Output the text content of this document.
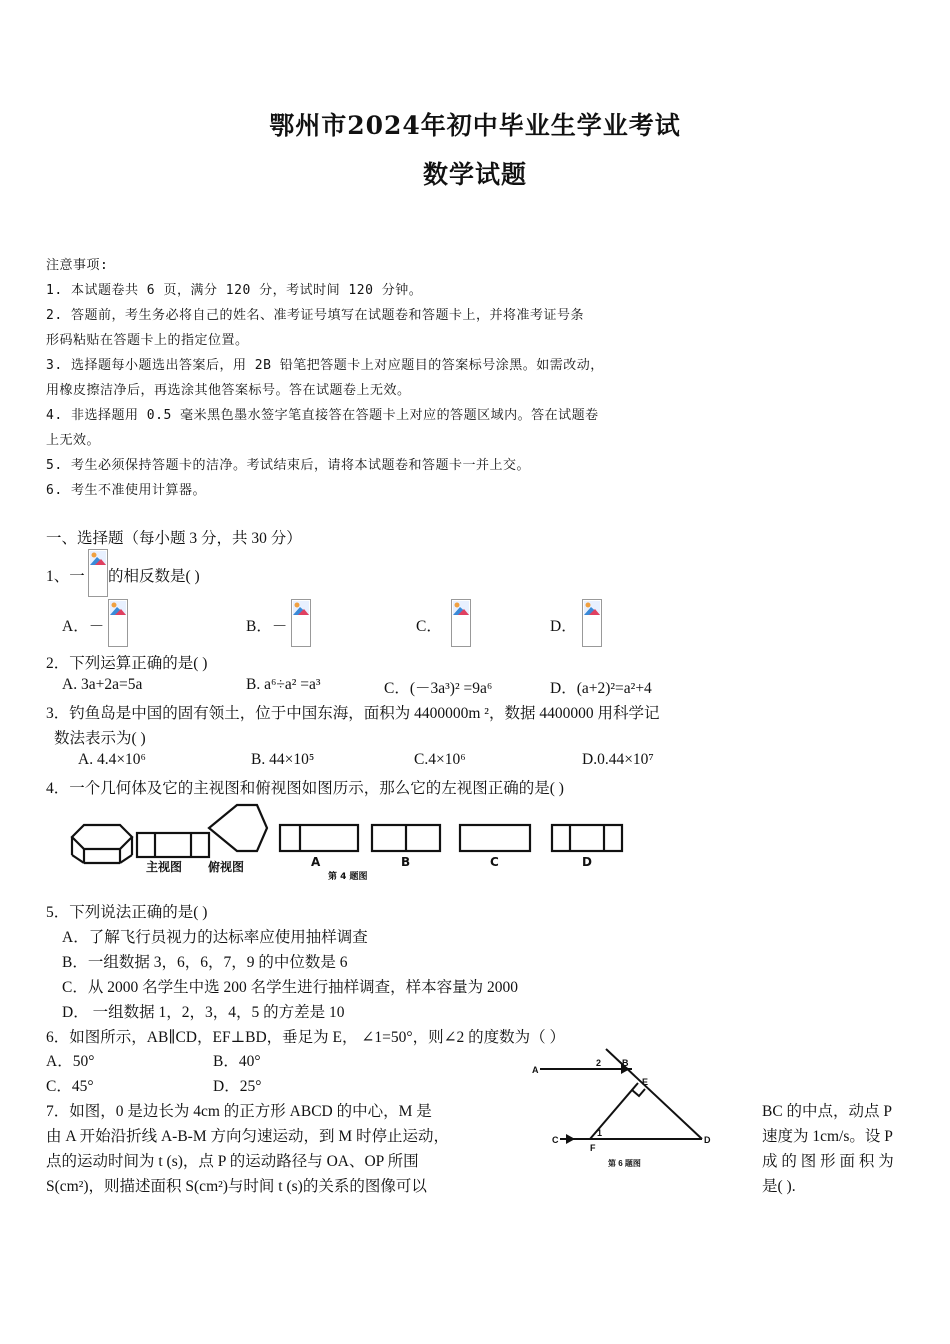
鄂州市2024年初中毕业生学业考试
数学试题
注意事项:
1. 本试题卷共 6 页，满分 120 分，考试时间 120 分钟。
2. 答题前，考生务必将自己的姓名、准考证号填写在试题卷和答题卡上，并将准考证号条
形码粘贴在答题卡上的指定位置。
3. 选择题每小题选出答案后，用 2B 铅笔把答题卡上对应题目的答案标号涂黑。如需改动，
用橡皮擦洁净后，再选涂其他答案标号。答在试题卷上无效。
4. 非选择题用 0.5 毫米黑色墨水签字笔直接答在答题卡上对应的答题区域内。答在试题卷
上无效。
5. 考生必须保持答题卡的洁净。考试结束后，请将本试题卷和答题卡一并上交。
6. 考生不准使用计算器。
一、选择题（每小题 3 分，共 30 分）
1、一 的相反数是( )
A．－	B．－	C．	D．
2．下列运算正确的是( )
A. 3a+2a=5a	B. a⁶÷a² =a³	C．(－3a³)² =9a⁶	D．(a+2)²=a²+4
3．钓鱼岛是中国的固有领土，位于中国东海，面积为 4400000m ²，数据 4400000 用科学记
数法表示为( )
A. 4.4×10⁶	B. 44×10⁵	C.4×10⁶	D.0.44×10⁷
4．一个几何体及它的主视图和俯视图如图历示，那么它的左视图正确的是( )
主视图 俯视图	A	B	C	D
第 4 题图
5．下列说法正确的是( )
A．了解飞行员视力的达标率应使用抽样调查
B．一组数据 3，6，6，7，9 的中位数是 6
C．从 2000 名学生中选 200 名学生进行抽样调查，样本容量为 2000
D． 一组数据 1，2，3，4，5 的方差是 10
6．如图所示，AB∥CD，EF⊥BD，垂足为 E， ∠1=50°，则∠2 的度数为（ ）
A．50°	B．40°
C．45°	D．25°
A
B
2
E
C
F
1
D
第 6 题图
7．如图，0 是边长为 4cm 的正方形 ABCD 的中心，M 是	BC 的中点，动点 P
由 A 开始沿折线 A-B-M 方向匀速运动，到 M 时停止运动，	速度为 1cm/s。设 P
点的运动时间为 t (s)，点 P 的运动路径与 OA、OP 所围	成 的 图 形 面 积 为
S(cm²)，则描述面积 S(cm²)与时间 t (s)的关系的图像可以	是( ).
